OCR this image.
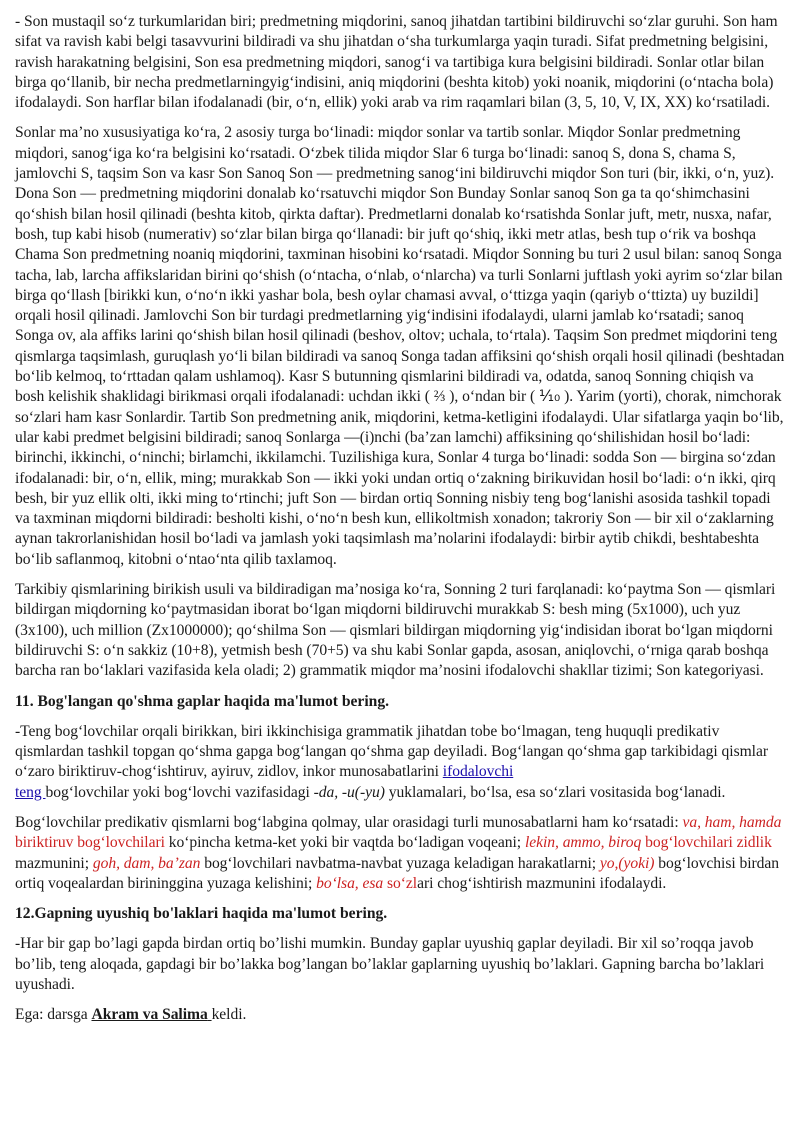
- Son mustaqil soʻz turkumlaridan biri; predmetning miqdorini, sanoq jihatdan tartibini bildiruvchi soʻzlar guruhi. Son ham sifat va ravish kabi belgi tasavvurini bildiradi va shu jihatdan oʻsha turkumlarga yaqin turadi. Sifat predmetning belgisini, ravish harakatning belgisini, Son esa predmetning miqdori, sanogʻi va tartibiga kura belgisini bildiradi. Sonlar otlar bilan birga qoʻllanib, bir necha predmetlarningyigʻindisini, aniq miqdorini (beshta kitob) yoki noanik, miqdorini (oʻntacha bola) ifodalaydi. Son harflar bilan ifodalanadi (bir, oʻn, ellik) yoki arab va rim raqamlari bilan (3, 5, 10, V, IX, XX) koʻrsatiladi.

Sonlar maʼno xususiyatiga koʻra, 2 asosiy turga boʻlinadi: miqdor sonlar va tartib sonlar. Miqdor Sonlar predmetning miqdori, sanogʻiga koʻra belgisini koʻrsatadi. Oʻzbek tilida miqdor Slar 6 turga boʻlinadi: sanoq S, dona S, chama S, jamlovchi S, taqsim Son va kasr Son Sanoq Son — predmetning sanogʻini bildiruvchi miqdor Son turi (bir, ikki, oʻn, yuz). Dona Son — predmetning miqdorini donalab koʻrsatuvchi miqdor Son Bunday Sonlar sanoq Son ga ta qoʻshimchasini qoʻshish bilan hosil qilinadi (beshta kitob, qirkta daftar). Predmetlarni donalab koʻrsatishda Sonlar juft, metr, nusxa, nafar, bosh, tup kabi hisob (numerativ) soʻzlar bilan birga qoʻllanadi: bir juft qoʻshiq, ikki metr atlas, besh tup oʻrik va boshqa Chama Son predmetning noaniq miqdorini, taxminan hisobini koʻrsatadi. Miqdor Sonning bu turi 2 usul bilan: sanoq Songa tacha, lab, larcha affikslaridan birini qoʻshish (oʻntacha, oʻnlab, oʻnlarcha) va turli Sonlarni juftlash yoki ayrim soʻzlar bilan birga qoʻllash [birikki kun, oʻnoʻn ikki yashar bola, besh oylar chamasi avval, oʻttizga yaqin (qariyb oʻttizta) uy buzildi] orqali hosil qilinadi. Jamlovchi Son bir turdagi predmetlarning yigʻindisini ifodalaydi, ularni jamlab koʻrsatadi; sanoq Songa ov, ala affiks larini qoʻshish bilan hosil qilinadi (beshov, oltov; uchala, toʻrtala). Taqsim Son predmet miqdorini teng qismlarga taqsimlash, guruqlash yoʻli bilan bildiradi va sanoq Songa tadan affiksini qoʻshish orqali hosil qilinadi (beshtadan boʻlib kelmoq, toʻrttadan qalam ushlamoq). Kasr S butunning qismlarini bildiradi va, odatda, sanoq Sonning chiqish va bosh kelishik shaklidagi birikmasi orqali ifodalanadi: uchdan ikki ( ⅔ ), oʻndan bir ( ⅒ ). Yarim (yorti), chorak, nimchorak soʻzlari ham kasr Sonlardir. Tartib Son predmetning anik, miqdorini, ketma-ketligini ifodalaydi. Ular sifatlarga yaqin boʻlib, ular kabi predmet belgisini bildiradi; sanoq Sonlarga —(i)nchi (baʼzan lamchi) affiksining qoʻshilishidan hosil boʻladi: birinchi, ikkinchi, oʻninchi; birlamchi, ikkilamchi. Tuzilishiga kura, Sonlar 4 turga boʻlinadi: sodda Son — birgina soʻzdan ifodalanadi: bir, oʻn, ellik, ming; murakkab Son — ikki yoki undan ortiq oʻzakning birikuvidan hosil boʻladi: oʻn ikki, qirq besh, bir yuz ellik olti, ikki ming toʻrtinchi; juft Son — birdan ortiq Sonning nisbiy teng bogʻlanishi asosida tashkil topadi va taxminan miqdorni bildiradi: besholti kishi, oʻnoʻn besh kun, ellikoltmish xonadon; takroriy Son — bir xil oʻzaklarning aynan takrorlanishidan hosil boʻladi va jamlash yoki taqsimlash maʼnolarini ifodalaydi: birbir aytib chikdi, beshtabeshta boʻlib saflanmoq, kitobni oʻntaoʻnta qilib taxlamoq.

Tarkibiy qismlarining birikish usuli va bildiradigan maʼnosiga koʻra, Sonning 2 turi farqlanadi: koʻpaytma Son — qismlari bildirgan miqdorning koʻpaytmasidan iborat boʻlgan miqdorni bildiruvchi murakkab S: besh ming (5x1000), uch yuz (3x100), uch million (Zx1000000); qoʻshilma Son — qismlari bildirgan miqdorning yigʻindisidan iborat boʻlgan miqdorni bildiruvchi S: oʻn sakkiz (10+8), yetmish besh (70+5) va shu kabi Sonlar gapda, asosan, aniqlovchi, oʻrniga qarab boshqa barcha ran boʻlaklari vazifasida kela oladi; 2) grammatik miqdor maʼnosini ifodalovchi shakllar tizimi; Son kategoriyasi.

11. Bog'langan qo'shma gaplar haqida ma'lumot bering.

-Teng bogʻlovchilar orqali birikkan, biri ikkinchisiga grammatik jihatdan tobe boʻlmagan, teng huquqli predikativ qismlardan tashkil topgan qoʻshma gapga bogʻlangan qoʻshma gap deyiladi. Bogʻlangan qoʻshma gap tarkibidagi qismlar oʻzaro biriktiruv-chogʻishtiruv, ayiruv, zidlov, inkor munosabatlarini ifodalovchi
teng bogʻlovchilar yoki bogʻlovchi vazifasidagi -da, -u(-yu) yuklamalari, boʻlsa, esa soʻzlari vositasida bogʻlanadi.

Bogʻlovchilar predikativ qismlarni bogʻlabgina qolmay, ular orasidagi turli munosabatlarni ham koʻrsatadi: va, ham, hamda biriktiruv bogʻlovchilari koʻpincha ketma-ket yoki bir vaqtda boʻladigan voqeani; lekin, ammo, biroq bogʻlovchilari zidlik mazmunini; goh, dam, baʼzan bogʻlovchilari navbatma-navbat yuzaga keladigan harakatlarni; yo,(yoki) bogʻlovchisi birdan ortiq voqealardan birininggina yuzaga kelishini; boʻlsa, esa soʻzlari chogʻishtirish mazmunini ifodalaydi.

12.Gapning uyushiq bo'laklari haqida ma'lumot bering.

-Har bir gap bo’lagi gapda birdan ortiq bo’lishi mumkin. Bunday gaplar uyushiq gaplar deyiladi. Bir xil so’roqqa javob bo’lib, teng aloqada, gapdagi bir bo’lakka bog’langan bo’laklar gaplarning uyushiq bo’laklari. Gapning barcha bo’laklari uyushadi.

Ega: darsga Akram va Salima keldi.
